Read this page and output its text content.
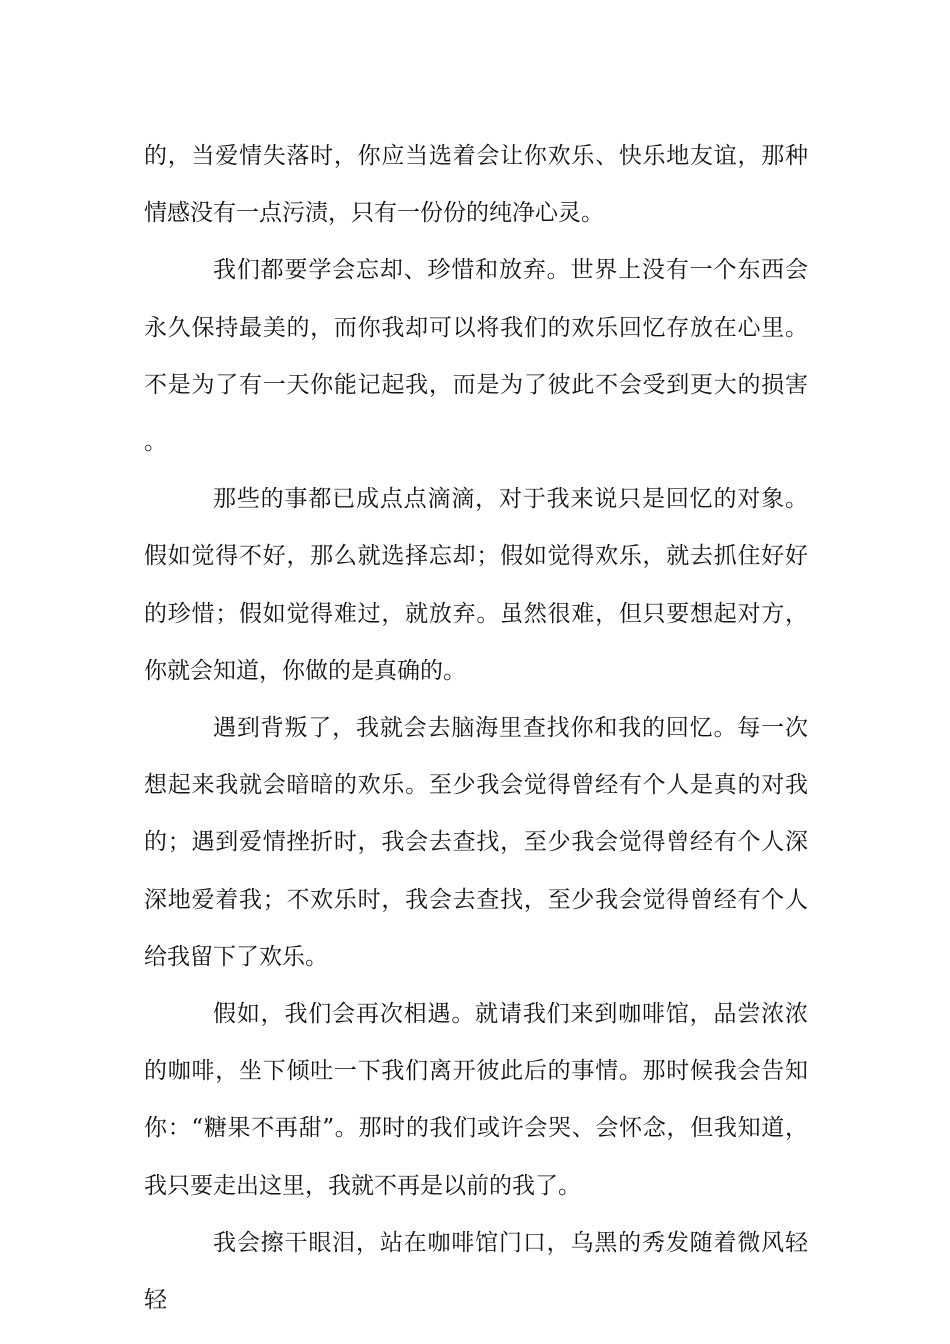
的，当爱情失落时，你应当选着会让你欢乐、快乐地友谊，那种情感没有一点污渍，只有一份份的纯净心灵。

我们都要学会忘却、珍惜和放弃。世界上没有一个东西会永久保持最美的，而你我却可以将我们的欢乐回忆存放在心里。不是为了有一天你能记起我，而是为了彼此不会受到更大的损害。

那些的事都已成点点滴滴，对于我来说只是回忆的对象。假如觉得不好，那么就选择忘却；假如觉得欢乐，就去抓住好好的珍惜；假如觉得难过，就放弃。虽然很难，但只要想起对方，你就会知道，你做的是真确的。

遇到背叛了，我就会去脑海里查找你和我的回忆。每一次想起来我就会暗暗的欢乐。至少我会觉得曾经有个人是真的对我的；遇到爱情挫折时，我会去查找，至少我会觉得曾经有个人深深地爱着我；不欢乐时，我会去查找，至少我会觉得曾经有个人给我留下了欢乐。

假如，我们会再次相遇。就请我们来到咖啡馆，品尝浓浓的咖啡，坐下倾吐一下我们离开彼此后的事情。那时候我会告知你：“糖果不再甜”。那时的我们或许会哭、会怀念，但我知道，我只要走出这里，我就不再是以前的我了。

我会擦干眼泪，站在咖啡馆门口，乌黑的秀发随着微风轻轻
